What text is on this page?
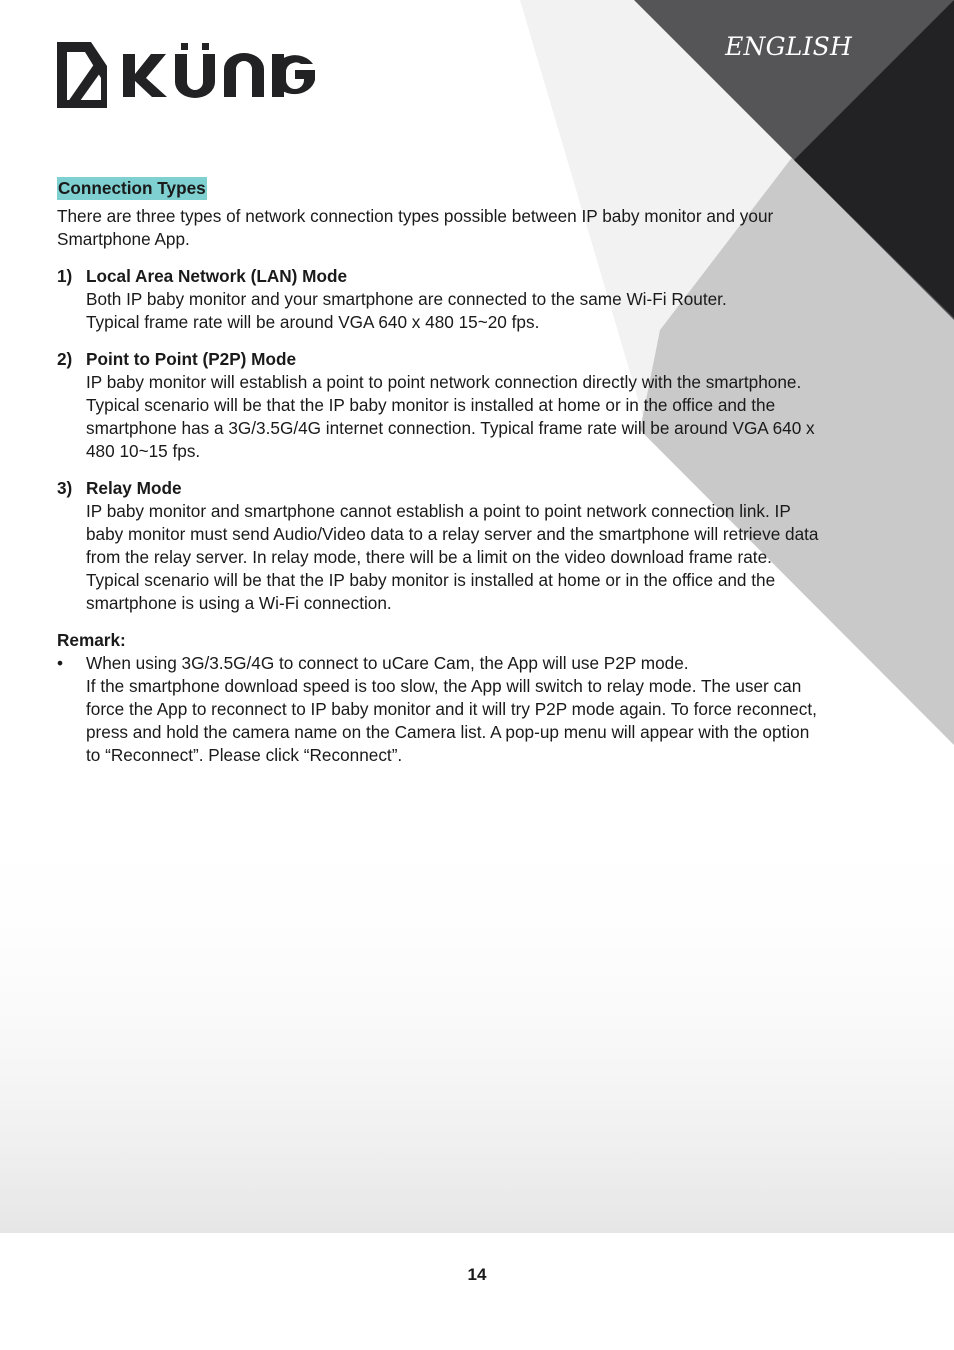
ENGLISH
Connection Types
There are three types of network connection types possible between IP baby monitor and your Smartphone App.
1) Local Area Network (LAN) Mode
Both IP baby monitor and your smartphone are connected to the same Wi-Fi Router.
Typical frame rate will be around VGA 640 x 480 15~20 fps.
2) Point to Point (P2P) Mode
IP baby monitor will establish a point to point network connection directly with the smartphone.
Typical scenario will be that the IP baby monitor is installed at home or in the office and the smartphone has a 3G/3.5G/4G internet connection. Typical frame rate will be around VGA 640 x 480 10~15 fps.
3) Relay Mode
IP baby monitor and smartphone cannot establish a point to point network connection link. IP baby monitor must send Audio/Video data to a relay server and the smartphone will retrieve data from the relay server. In relay mode, there will be a limit on the video download frame rate. Typical scenario will be that the IP baby monitor is installed at home or in the office and the smartphone is using a Wi-Fi connection.
Remark:
• When using 3G/3.5G/4G to connect to uCare Cam, the App will use P2P mode.
If the smartphone download speed is too slow, the App will switch to relay mode. The user can force the App to reconnect to IP baby monitor and it will try P2P mode again. To force reconnect, press and hold the camera name on the Camera list. A pop-up menu will appear with the option to “Reconnect”. Please click “Reconnect”.
14
